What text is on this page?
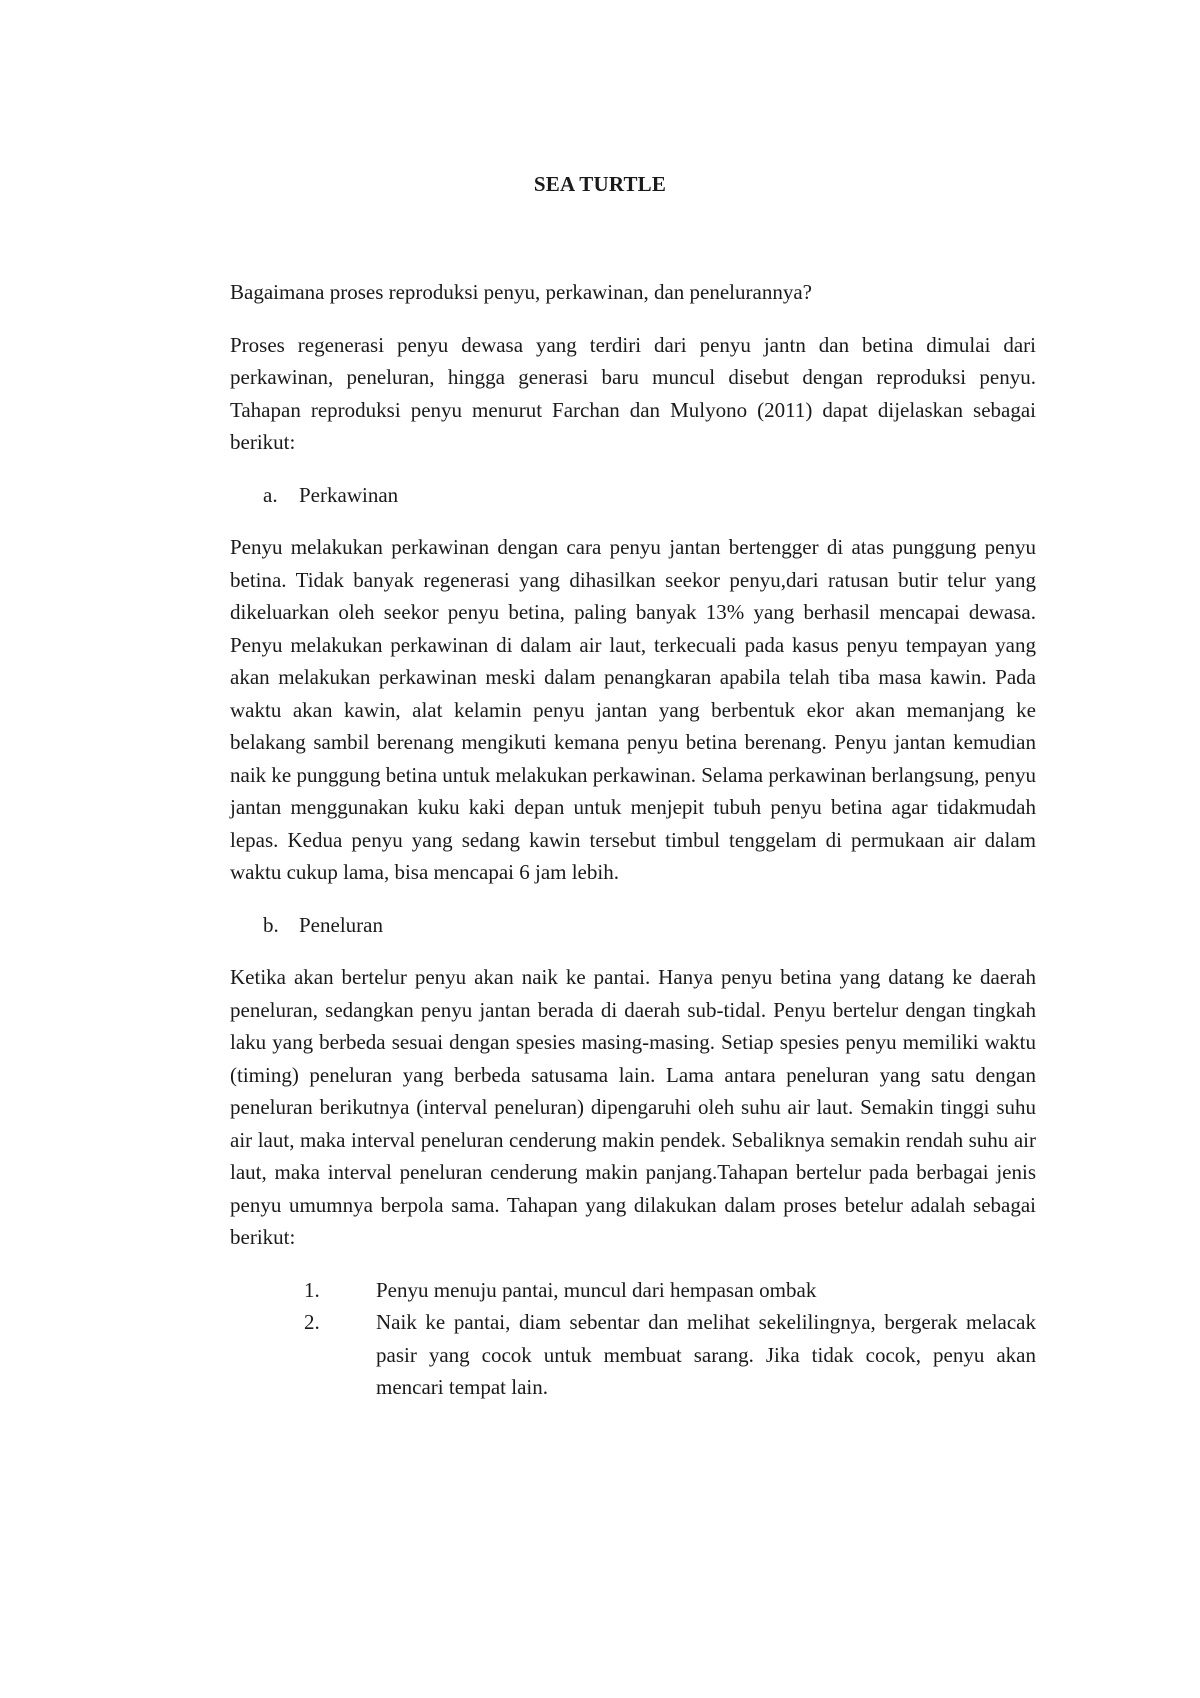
SEA TURTLE

Bagaimana proses reproduksi penyu, perkawinan, dan penelurannya?

Proses regenerasi penyu dewasa yang terdiri dari penyu jantn dan betina dimulai dari perkawinan, peneluran, hingga generasi baru muncul disebut dengan reproduksi penyu. Tahapan reproduksi penyu menurut Farchan dan Mulyono (2011) dapat dijelaskan sebagai berikut:

a.	Perkawinan

Penyu melakukan perkawinan dengan cara penyu jantan bertengger di atas punggung penyu betina. Tidak banyak regenerasi yang dihasilkan seekor penyu,dari ratusan butir telur yang dikeluarkan oleh seekor penyu betina, paling banyak 13% yang berhasil mencapai dewasa. Penyu melakukan perkawinan di dalam air laut, terkecuali pada kasus penyu tempayan yang akan melakukan perkawinan meski dalam penangkaran apabila telah tiba masa kawin. Pada waktu akan kawin, alat kelamin penyu jantan yang berbentuk ekor akan memanjang ke belakang sambil berenang mengikuti kemana penyu betina berenang. Penyu jantan kemudian naik ke punggung betina untuk melakukan perkawinan. Selama perkawinan berlangsung, penyu jantan menggunakan kuku kaki depan untuk menjepit tubuh penyu betina agar tidakmudah lepas. Kedua penyu yang sedang kawin tersebut timbul tenggelam di permukaan air dalam waktu cukup lama, bisa mencapai 6 jam lebih.

b. Peneluran

Ketika akan bertelur penyu akan naik ke pantai. Hanya penyu betina yang datang ke daerah peneluran, sedangkan penyu jantan berada di daerah sub-tidal. Penyu bertelur dengan tingkah laku yang berbeda sesuai dengan spesies masing-masing. Setiap spesies penyu memiliki waktu (timing) peneluran yang berbeda satusama lain. Lama antara peneluran yang satu dengan peneluran berikutnya (interval peneluran) dipengaruhi oleh suhu air laut. Semakin tinggi suhu air laut, maka interval peneluran cenderung makin pendek. Sebaliknya semakin rendah suhu air laut, maka interval peneluran cenderung makin panjang.Tahapan bertelur pada berbagai jenis penyu umumnya berpola sama. Tahapan yang dilakukan dalam proses betelur adalah sebagai berikut:

1.	Penyu menuju pantai, muncul dari hempasan ombak
2.	Naik ke pantai, diam sebentar dan melihat sekelilingnya, bergerak melacak pasir yang cocok untuk membuat sarang. Jika tidak cocok, penyu akan mencari tempat lain.
